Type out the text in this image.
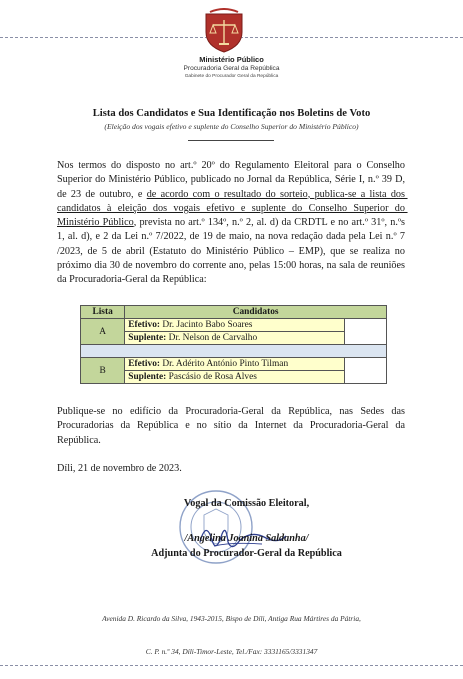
Ministério Público
Procuradoria Geral da República
Gabinete do Procurador Geral da República
Lista dos Candidatos e Sua Identificação nos Boletins de Voto
(Eleição dos vogais efetivo e suplente do Conselho Superior do Ministério Público)
Nos termos do disposto no art.º 20º do Regulamento Eleitoral para o Conselho Superior do Ministério Público, publicado no Jornal da República, Série I, n.º 39 D, de 23 de outubro, e de acordo com o resultado do sorteio, publica-se a lista dos candidatos à eleição dos vogais efetivo e suplente do Conselho Superior do Ministério Público, prevista no art.º 134º, n.º 2, al. d) da CRDTL e no art.º 31º, n.ºs 1, al. d), e 2 da Lei n.º 7/2022, de 19 de maio, na nova redação dada pela Lei n.º 7 /2023, de 5 de abril (Estatuto do Ministério Público – EMP), que se realiza no próximo dia 30 de novembro do corrente ano, pelas 15:00 horas, na sala de reuniões da Procuradoria-Geral da República:
Lista	Candidatos	
A	Efetivo: Dr. Jacinto Babo Soares	
	Suplente: Dr. Nelson de Carvalho	

B	Efetivo: Dr. Adérito António Pinto Tilman	
	Suplente: Pascásio de Rosa Alves	
Publique-se no edifício da Procuradoria-Geral da República, nas Sedes das Procuradorias da República e no sítio da Internet da Procuradoria-Geral da República.
Díli, 21 de novembro de 2023.
Vogal da Comissão Eleitoral,
/Angelina Joanina Saldanha/
Adjunta do Procurador-Geral da República
Avenida D. Ricardo da Silva, 1943-2015, Bispo de Díli, Antiga Rua Mártires da Pátria,
C. P. n.º 34, Díli-Timor-Leste, Tel./Fax: 3331165/3331347
